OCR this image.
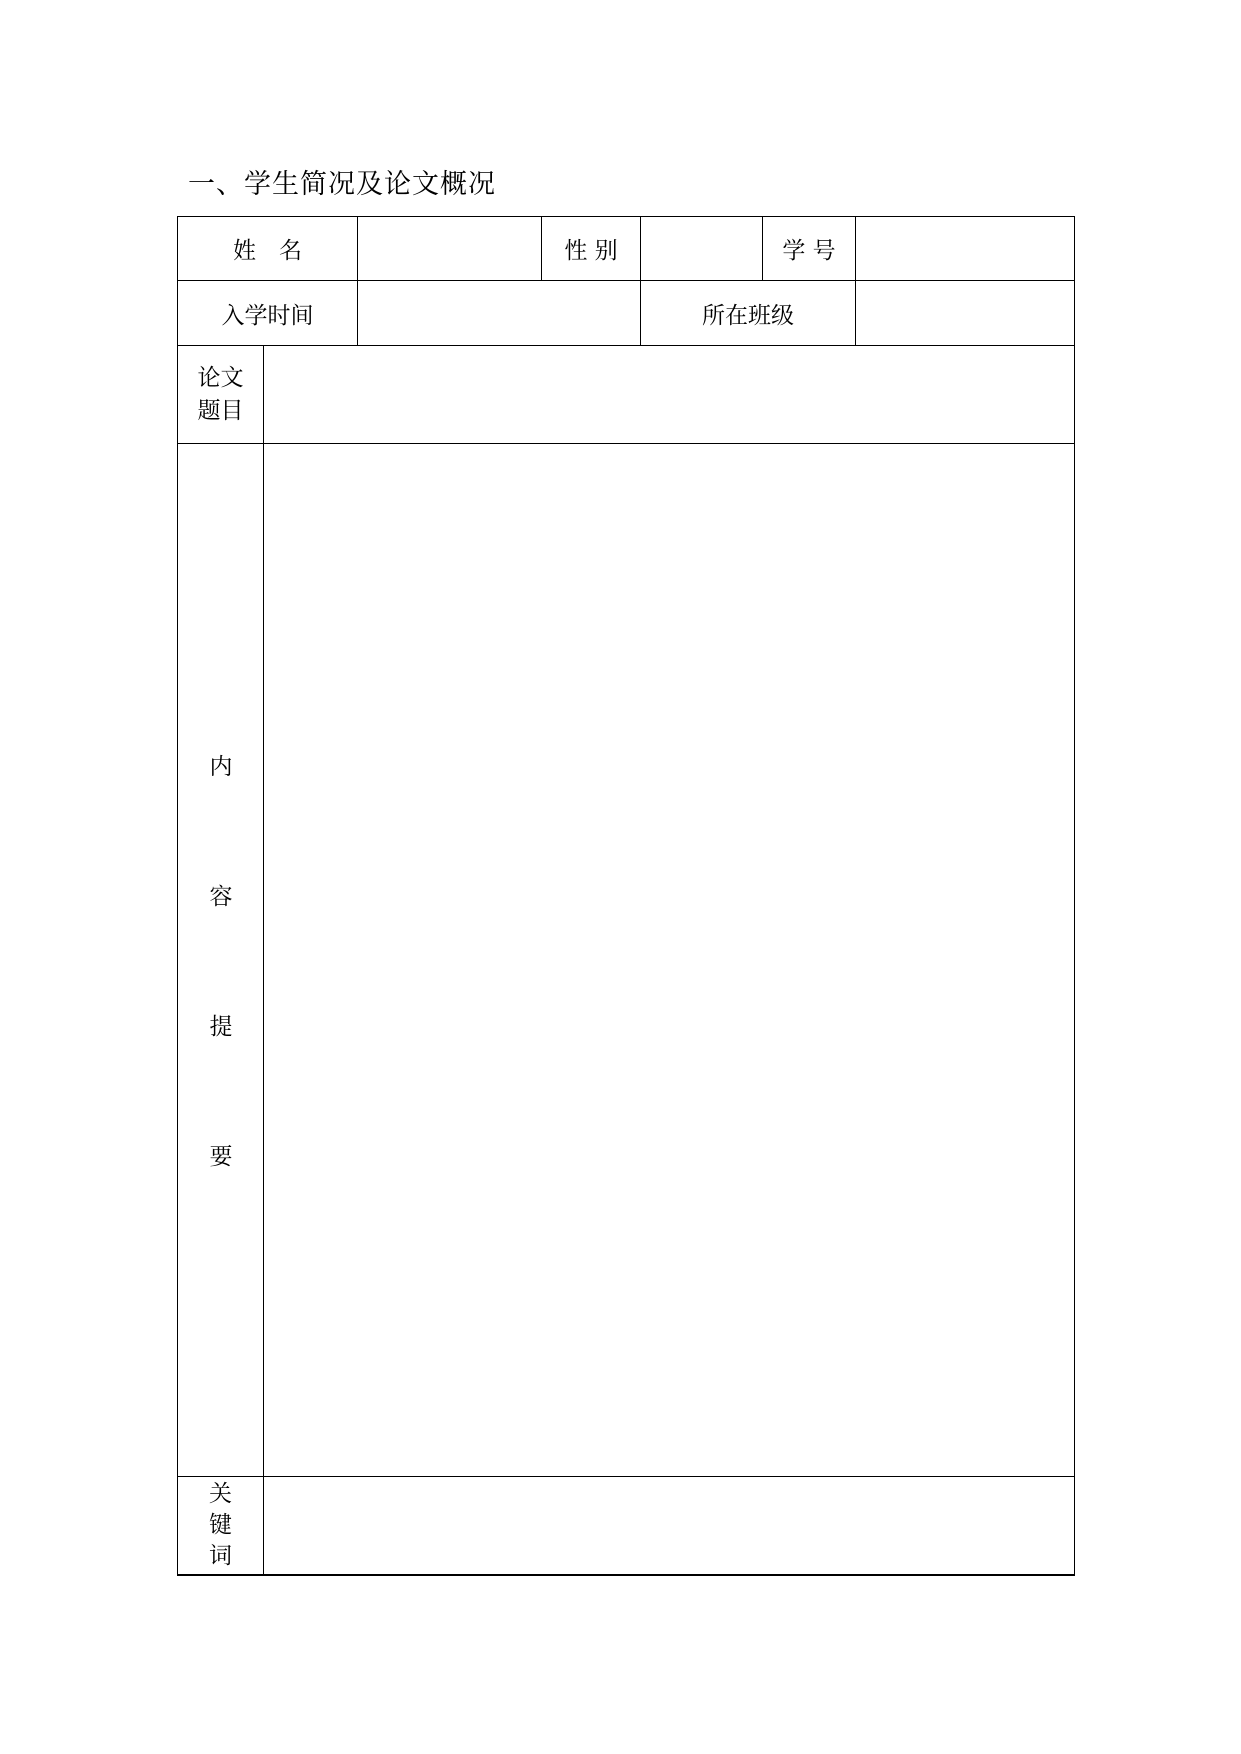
一、学生简况及论文概况
姓　名	性 别	学 号
入学时间	所在班级
论文
题目
内
容
提
要
关
键
词
